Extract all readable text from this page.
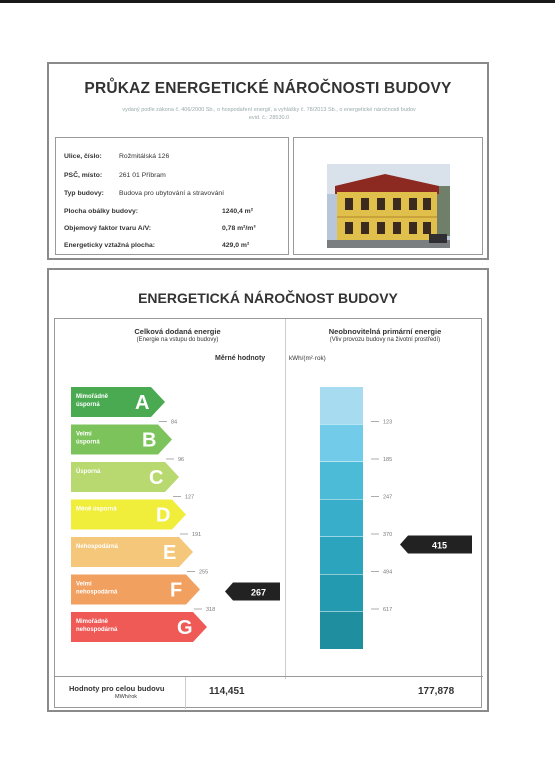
PRŮKAZ ENERGETICKÉ NÁROČNOSTI BUDOVY
vydaný podle zákona č. 406/2000 Sb., o hospodaření energií, a vyhlášky č. 78/2013 Sb., o energetické náročnosti budov
evid. č.: 28530.0
Ulice, číslo:	Rožmitálská 126
PSČ, místo: 261 01 Příbram
Typ budovy: Budova pro ubytování a stravování
Plocha obálky budovy:	1240,4 m²
Objemový faktor tvaru A/V:	0,78 m²/m³
Energeticky vztažná plocha:	429,0 m²
ENERGETICKÁ NÁROČNOST BUDOVY
Celková dodaná energie
(Energie na vstupu do budovy)
Neobnovitelná primární energie
(Vliv provozu budovy na životní prostředí)
Měrné hodnoty	kWh/(m²·rok)
Mimořádně
úsporná A
Velmi
úsporná B
Úsporná C
Méně úsporná D
Nehospodárná E
Velmi
nehospodárná	F
Mimořádně
nehospodárná	G
84
96
127
191
255
318
267
123
185
247
370
494
617
415
Hodnoty pro celou budovu
MWh/rok	114,451	177,878
